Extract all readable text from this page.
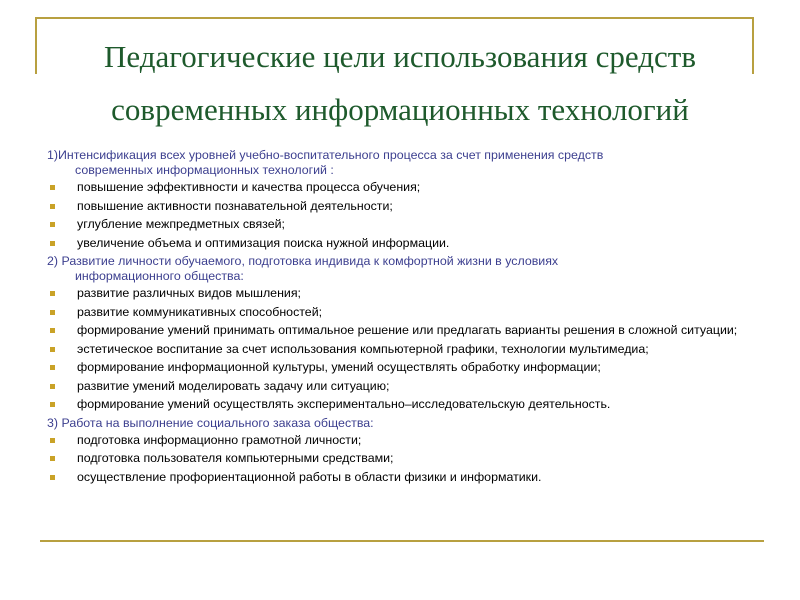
Педагогические цели использования средств
современных информационных технологий
1)Интенсификация всех уровней учебно-воспитательного процесса за счет применения средств
современных информационных технологий :
повышение эффективности и качества процесса обучения;
повышение активности познавательной деятельности;
углубление межпредметных связей;
увеличение объема и оптимизация поиска нужной информации.
2) Развитие личности обучаемого, подготовка индивида к комфортной жизни в условиях
информационного общества:
развитие различных видов мышления;
развитие коммуникативных способностей;
формирование умений принимать оптимальное решение или предлагать варианты решения в сложной ситуации;
эстетическое воспитание за счет использования компьютерной графики, технологии мультимедиа;
формирование информационной культуры, умений осуществлять обработку информации;
развитие умений моделировать задачу или ситуацию;
формирование умений осуществлять экспериментально–исследовательскую деятельность.
3) Работа на выполнение социального заказа общества:
подготовка информационно грамотной личности;
подготовка пользователя компьютерными средствами;
осуществление профориентационной работы в области физики и информатики.
